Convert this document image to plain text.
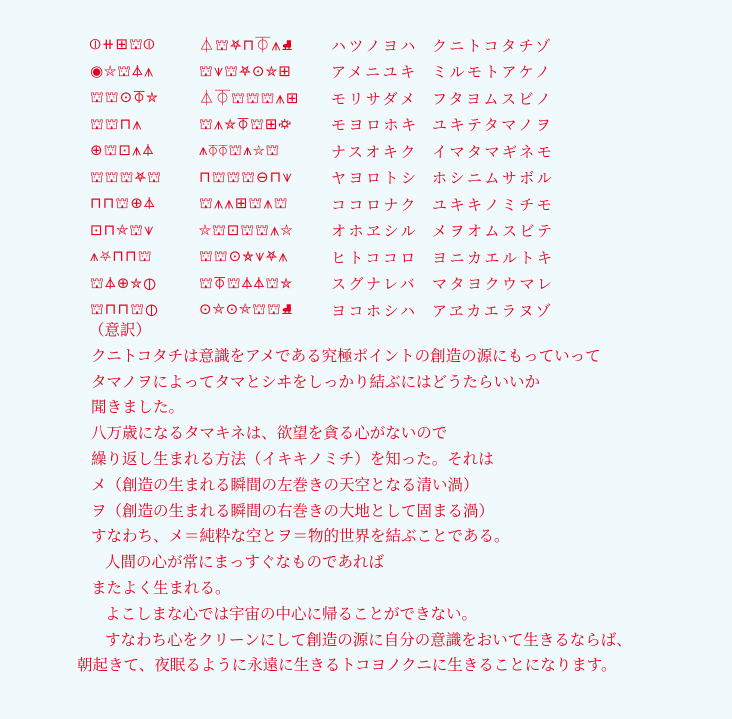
⦶⧺⊞⛫⦶	⏃⛫⛧⊓⏁⩚⛸	ハツノヨハ クニトコタチゾ
◉⛥⛫⏃⩚	⛫⩛⛫⛧⊙⛥⊞	アメニユキ ミルモトアケノ
⛫⛫⊙⏁⛥	⏃⏁⛫⛫⛫⩚⊞	モリサダメ フタヨムスビノ
⛫⛫⊓⩚	⛫⩚⛥⏁⛫⊞⛮	モヨロホキ ユキテタマノヲ
⊕⛫⊡⩚⏃	⩚⏁⏁⛫⩚⛥⛫	ナスオキク イマタマギネモ
⛫⛫⛫⛧⛫	⊓⛫⛫⛫⊖⊓⩛	ヤヨロトシ ホシニムサボル
⊓⊓⛫⊕⏃	⛫⩚⩚⊞⛫⩚⛫	ココロナク ユキキノミチモ
⊡⊓⛤⛫⩛	⛥⛫⊡⛫⛫⩚⛥	オホヱシル メヲオムスビテ
⩚⛧⊓⊓⛫	⛫⛫⊙⛤⩛⛧⩚	ヒトココロ ヨニカエルトキ
⛫⏃⊕⛥⦶	⛫⏁⛫⏃⏃⛫⛥	スグナレバ マタヨクウマレ
⛫⊓⊓⛫⦶	⊙⛤⊙⛤⛫⛫⛸	ヨコホシハ アヱカエラヌゾ
（意訳）
クニトコタチは意識をアメである究極ポイントの創造の源にもっていって
タマノヲによってタマとシヰをしっかり結ぶにはどうたらいいか
聞きました。
八万歳になるタマキネは、欲望を貪る心がないので
繰り返し生まれる方法（イキキノミチ）を知った。それは
メ（創造の生まれる瞬間の左巻きの天空となる清い渦）
ヲ（創造の生まれる瞬間の右巻きの大地として固まる渦）
すなわち、メ＝純粋な空とヲ＝物的世界を結ぶことである。
人間の心が常にまっすぐなものであれば
またよく生まれる。
よこしまな心では宇宙の中心に帰ることができない。
すなわち心をクリーンにして創造の源に自分の意識をおいて生きるならば、
朝起きて、夜眠るように永遠に生きるトコヨノクニに生きることになります。
